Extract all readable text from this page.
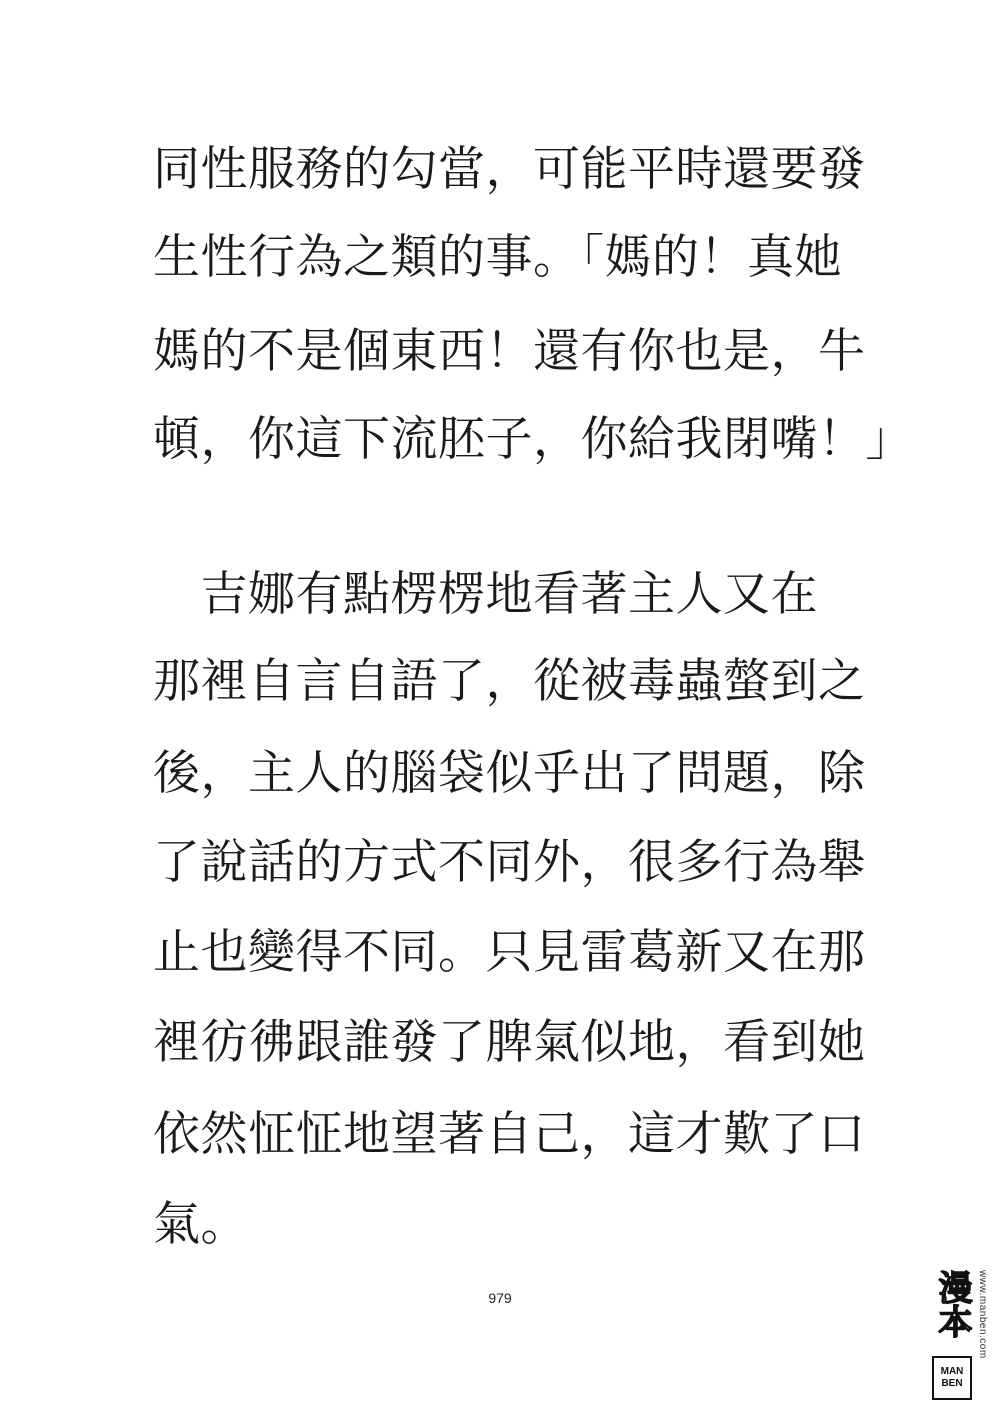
同性服務的勾當，可能平時還要發
生性行為之類的事。「媽的！真她
媽的不是個東西！還有你也是，牛
頓，你這下流胚子，你給我閉嘴！」
　吉娜有點楞楞地看著主人又在
那裡自言自語了，從被毒蟲螫到之
後，主人的腦袋似乎出了問題，除
了說話的方式不同外，很多行為舉
止也變得不同。只見雷葛新又在那
裡彷彿跟誰發了脾氣似地，看到她
依然怔怔地望著自己，這才歎了口
氣。
979	漫本 www.manben.com
MAN
BEN
